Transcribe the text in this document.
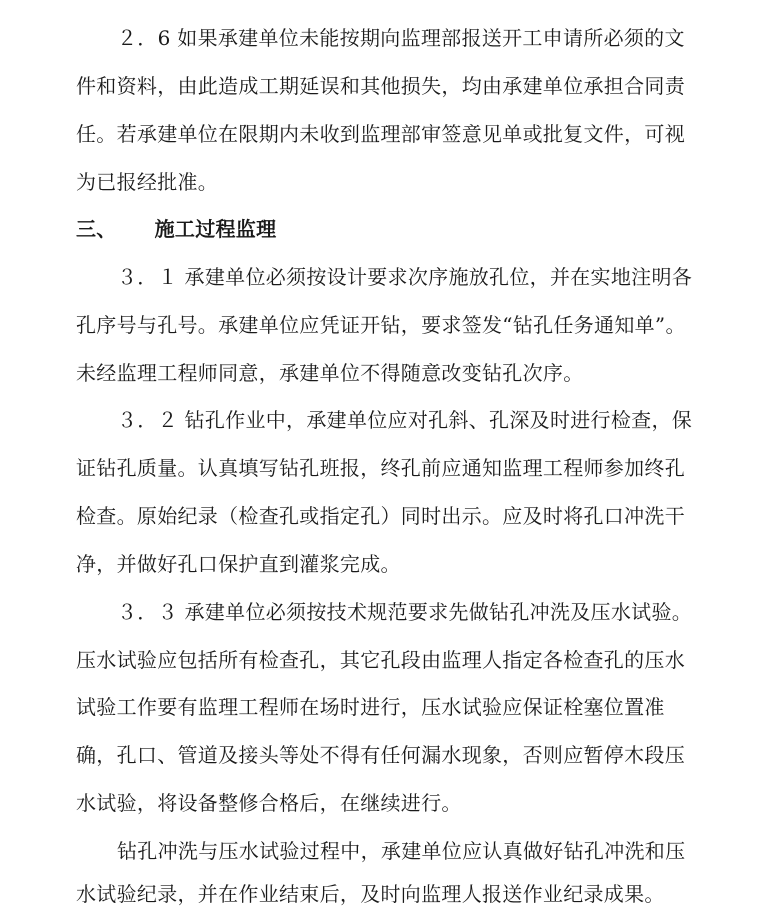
２．6 如果承建单位未能按期向监理部报送开工申请所必须的文
件和资料，由此造成工期延误和其他损失，均由承建单位承担合同责
任。若承建单位在限期内未收到监理部审签意见单或批复文件，可视
为已报经批准。
三、 施工过程监理
３．１ 承建单位必须按设计要求次序施放孔位，并在实地注明各
孔序号与孔号。承建单位应凭证开钻，要求签发“钻孔任务通知单”。
未经监理工程师同意，承建单位不得随意改变钻孔次序。
３．２ 钻孔作业中，承建单位应对孔斜、孔深及时进行检查，保
证钻孔质量。认真填写钻孔班报，终孔前应通知监理工程师参加终孔
检查。原始纪录（检查孔或指定孔）同时出示。应及时将孔口冲洗干
净，并做好孔口保护直到灌浆完成。
３．３ 承建单位必须按技术规范要求先做钻孔冲洗及压水试验。
压水试验应包括所有检查孔，其它孔段由监理人指定各检查孔的压水
试验工作要有监理工程师在场时进行，压水试验应保证栓塞位置准
确，孔口、管道及接头等处不得有任何漏水现象，否则应暂停木段压
水试验，将设备整修合格后，在继续进行。
钻孔冲洗与压水试验过程中，承建单位应认真做好钻孔冲洗和压
水试验纪录，并在作业结束后，及时向监理人报送作业纪录成果。
